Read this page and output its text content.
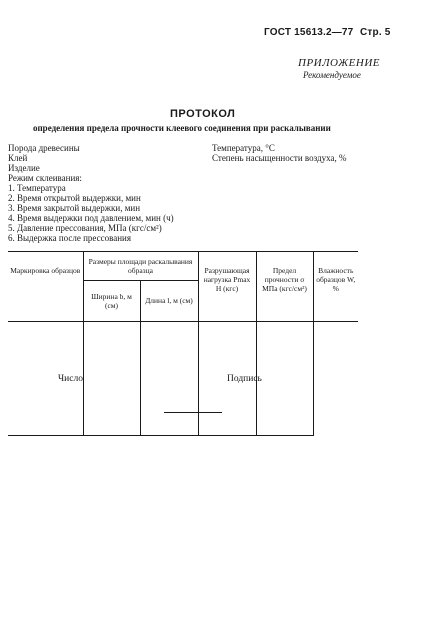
ГОСТ 15613.2—77 Стр. 5
ПРИЛОЖЕНИЕ
Рекомендуемое
ПРОТОКОЛ
определения предела прочности клеевого соединения при раскалывании
Порода древесины
Клей
Изделие
Режим склеивания:
Температура, °С
Степень насыщенности воздуха, %
1. Температура
2. Время открытой выдержки, мин
3. Время закрытой выдержки, мин
4. Время выдержки под давлением, мин (ч)
5. Давление прессования, МПа (кгс/см²)
6. Выдержка после прессования
Маркировка образцов	Размеры площади раскалывания образца		Разрушающая нагрузка Pmax Н (кгс)	Предел прочности σ МПа (кгс/см²)	Влажность образцов W, %
	Ширина b, м (см)	Длина l, м (см)			

Число	Подпись
